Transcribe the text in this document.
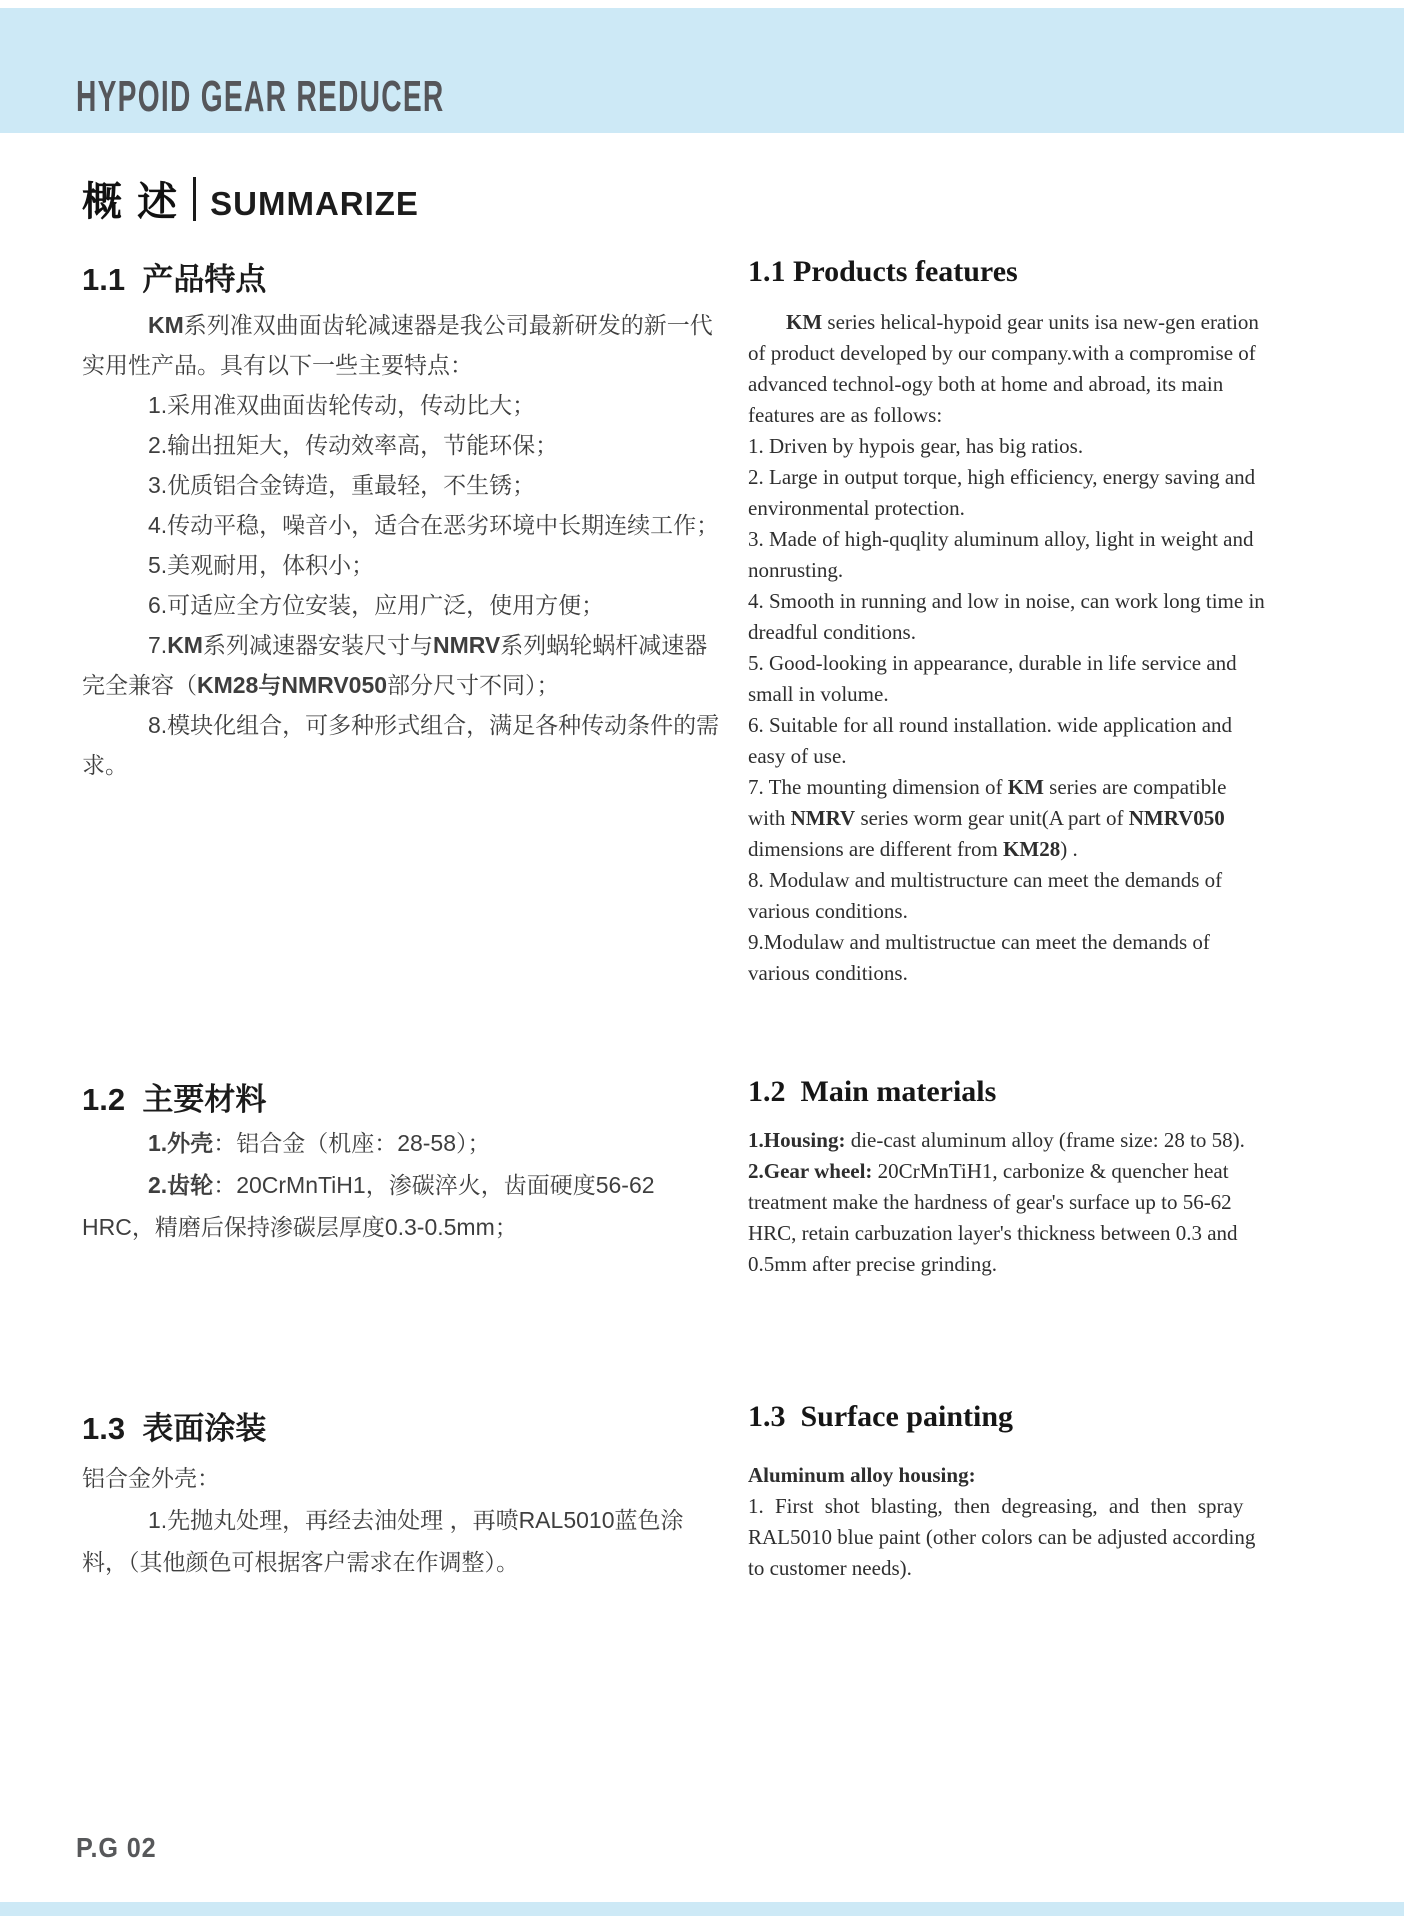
HYPOID GEAR REDUCER
概 述 SUMMARIZE
1.1  产品特点
KM系列准双曲面齿轮减速器是我公司最新研发的新一代
实用性产品。具有以下一些主要特点：
1.采用准双曲面齿轮传动，传动比大；
2.输出扭矩大，传动效率高，节能环保；
3.优质铝合金铸造，重最轻，不生锈；
4.传动平稳，噪音小，适合在恶劣环境中长期连续工作；
5.美观耐用，体积小；
6.可适应全方位安装，应用广泛，使用方便；
7.KM系列减速器安装尺寸与NMRV系列蜗轮蜗杆减速器
完全兼容（KM28与NMRV050部分尺寸不同）；
8.模块化组合，可多种形式组合，满足各种传动条件的需
求。
1.1 Products features
KM series helical-hypoid gear units isa new-gen eration
of product developed by our company.with a compromise of
advanced technol-ogy both at home and abroad, its main
features are as follows:
1. Driven by hypois gear, has big ratios.
2. Large in output torque, high efficiency, energy saving and
environmental protection.
3. Made of high-quqlity aluminum alloy, light in weight and
nonrusting.
4. Smooth in running and low in noise, can work long time in
dreadful conditions.
5. Good-looking in appearance, durable in life service and
small in volume.
6. Suitable for all round installation. wide application and
easy of use.
7. The mounting dimension of KM series are compatible
with NMRV series worm gear unit(A part of NMRV050
dimensions are different from KM28) .
8. Modulaw and multistructure can meet the demands of
various conditions.
9.Modulaw and multistructue can meet the demands of
various conditions.
1.2  主要材料
1.外壳：铝合金（机座：28-58）；
2.齿轮：20CrMnTiH1，渗碳淬火，齿面硬度56-62
HRC，精磨后保持渗碳层厚度0.3-0.5mm；
1.2  Main materials
1.Housing: die-cast aluminum alloy (frame size: 28 to 58).
2.Gear wheel: 20CrMnTiH1, carbonize & quencher heat
treatment make the hardness of gear's surface up to 56-62
HRC, retain carbuzation layer's thickness between 0.3 and
0.5mm after precise grinding.
1.3  表面涂装
铝合金外壳：
1.先抛丸处理，再经去油处理 ，再喷RAL5010蓝色涂
料，（其他颜色可根据客户需求在作调整）。
1.3  Surface painting
Aluminum alloy housing:
1. First shot blasting, then degreasing, and then spray
RAL5010 blue paint (other colors can be adjusted according
to customer needs).
P.G 02
